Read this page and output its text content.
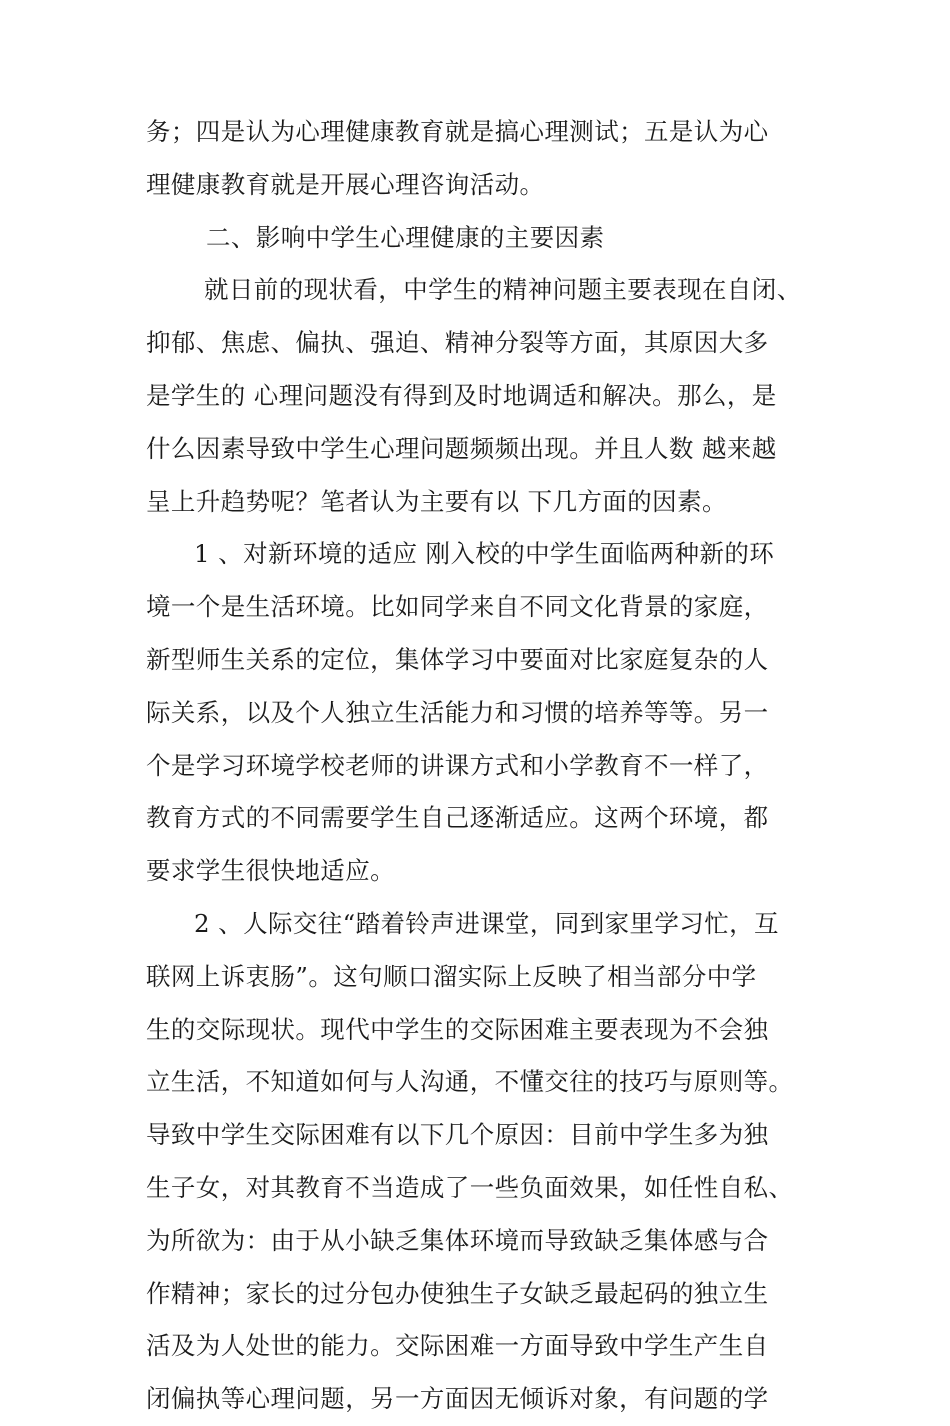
务；四是认为心理健康教育就是搞心理测试；五是认为心
理健康教育就是开展心理咨询活动。
二、影响中学生心理健康的主要因素
就日前的现状看，中学生的精神问题主要表现在自闭、
抑郁、焦虑、偏执、强迫、精神分裂等方面，其原因大多
是学生的 心理问题没有得到及时地调适和解决。那么，是
什么因素导致中学生心理问题频频出现。并且人数 越来越
呈上升趋势呢？笔者认为主要有以 下几方面的因素。
1 、对新环境的适应 刚入校的中学生面临两种新的环
境一个是生活环境。比如同学来自不同文化背景的家庭，
新型师生关系的定位，集体学习中要面对比家庭复杂的人
际关系，以及个人独立生活能力和习惯的培养等等。另一
个是学习环境学校老师的讲课方式和小学教育不一样了，
教育方式的不同需要学生自己逐渐适应。这两个环境，都
要求学生很快地适应。
2 、人际交往“踏着铃声进课堂，同到家里学习忙，互
联网上诉衷肠”。这句顺口溜实际上反映了相当部分中学
生的交际现状。现代中学生的交际困难主要表现为不会独
立生活，不知道如何与人沟通，不懂交往的技巧与原则等。
导致中学生交际困难有以下几个原因：目前中学生多为独
生子女，对其教育不当造成了一些负面效果，如任性自私、
为所欲为：由于从小缺乏集体环境而导致缺乏集体感与合
作精神；家长的过分包办使独生子女缺乏最起码的独立生
活及为人处世的能力。交际困难一方面导致中学生产生自
闭偏执等心理问题，另一方面因无倾诉对象，有问题的学
